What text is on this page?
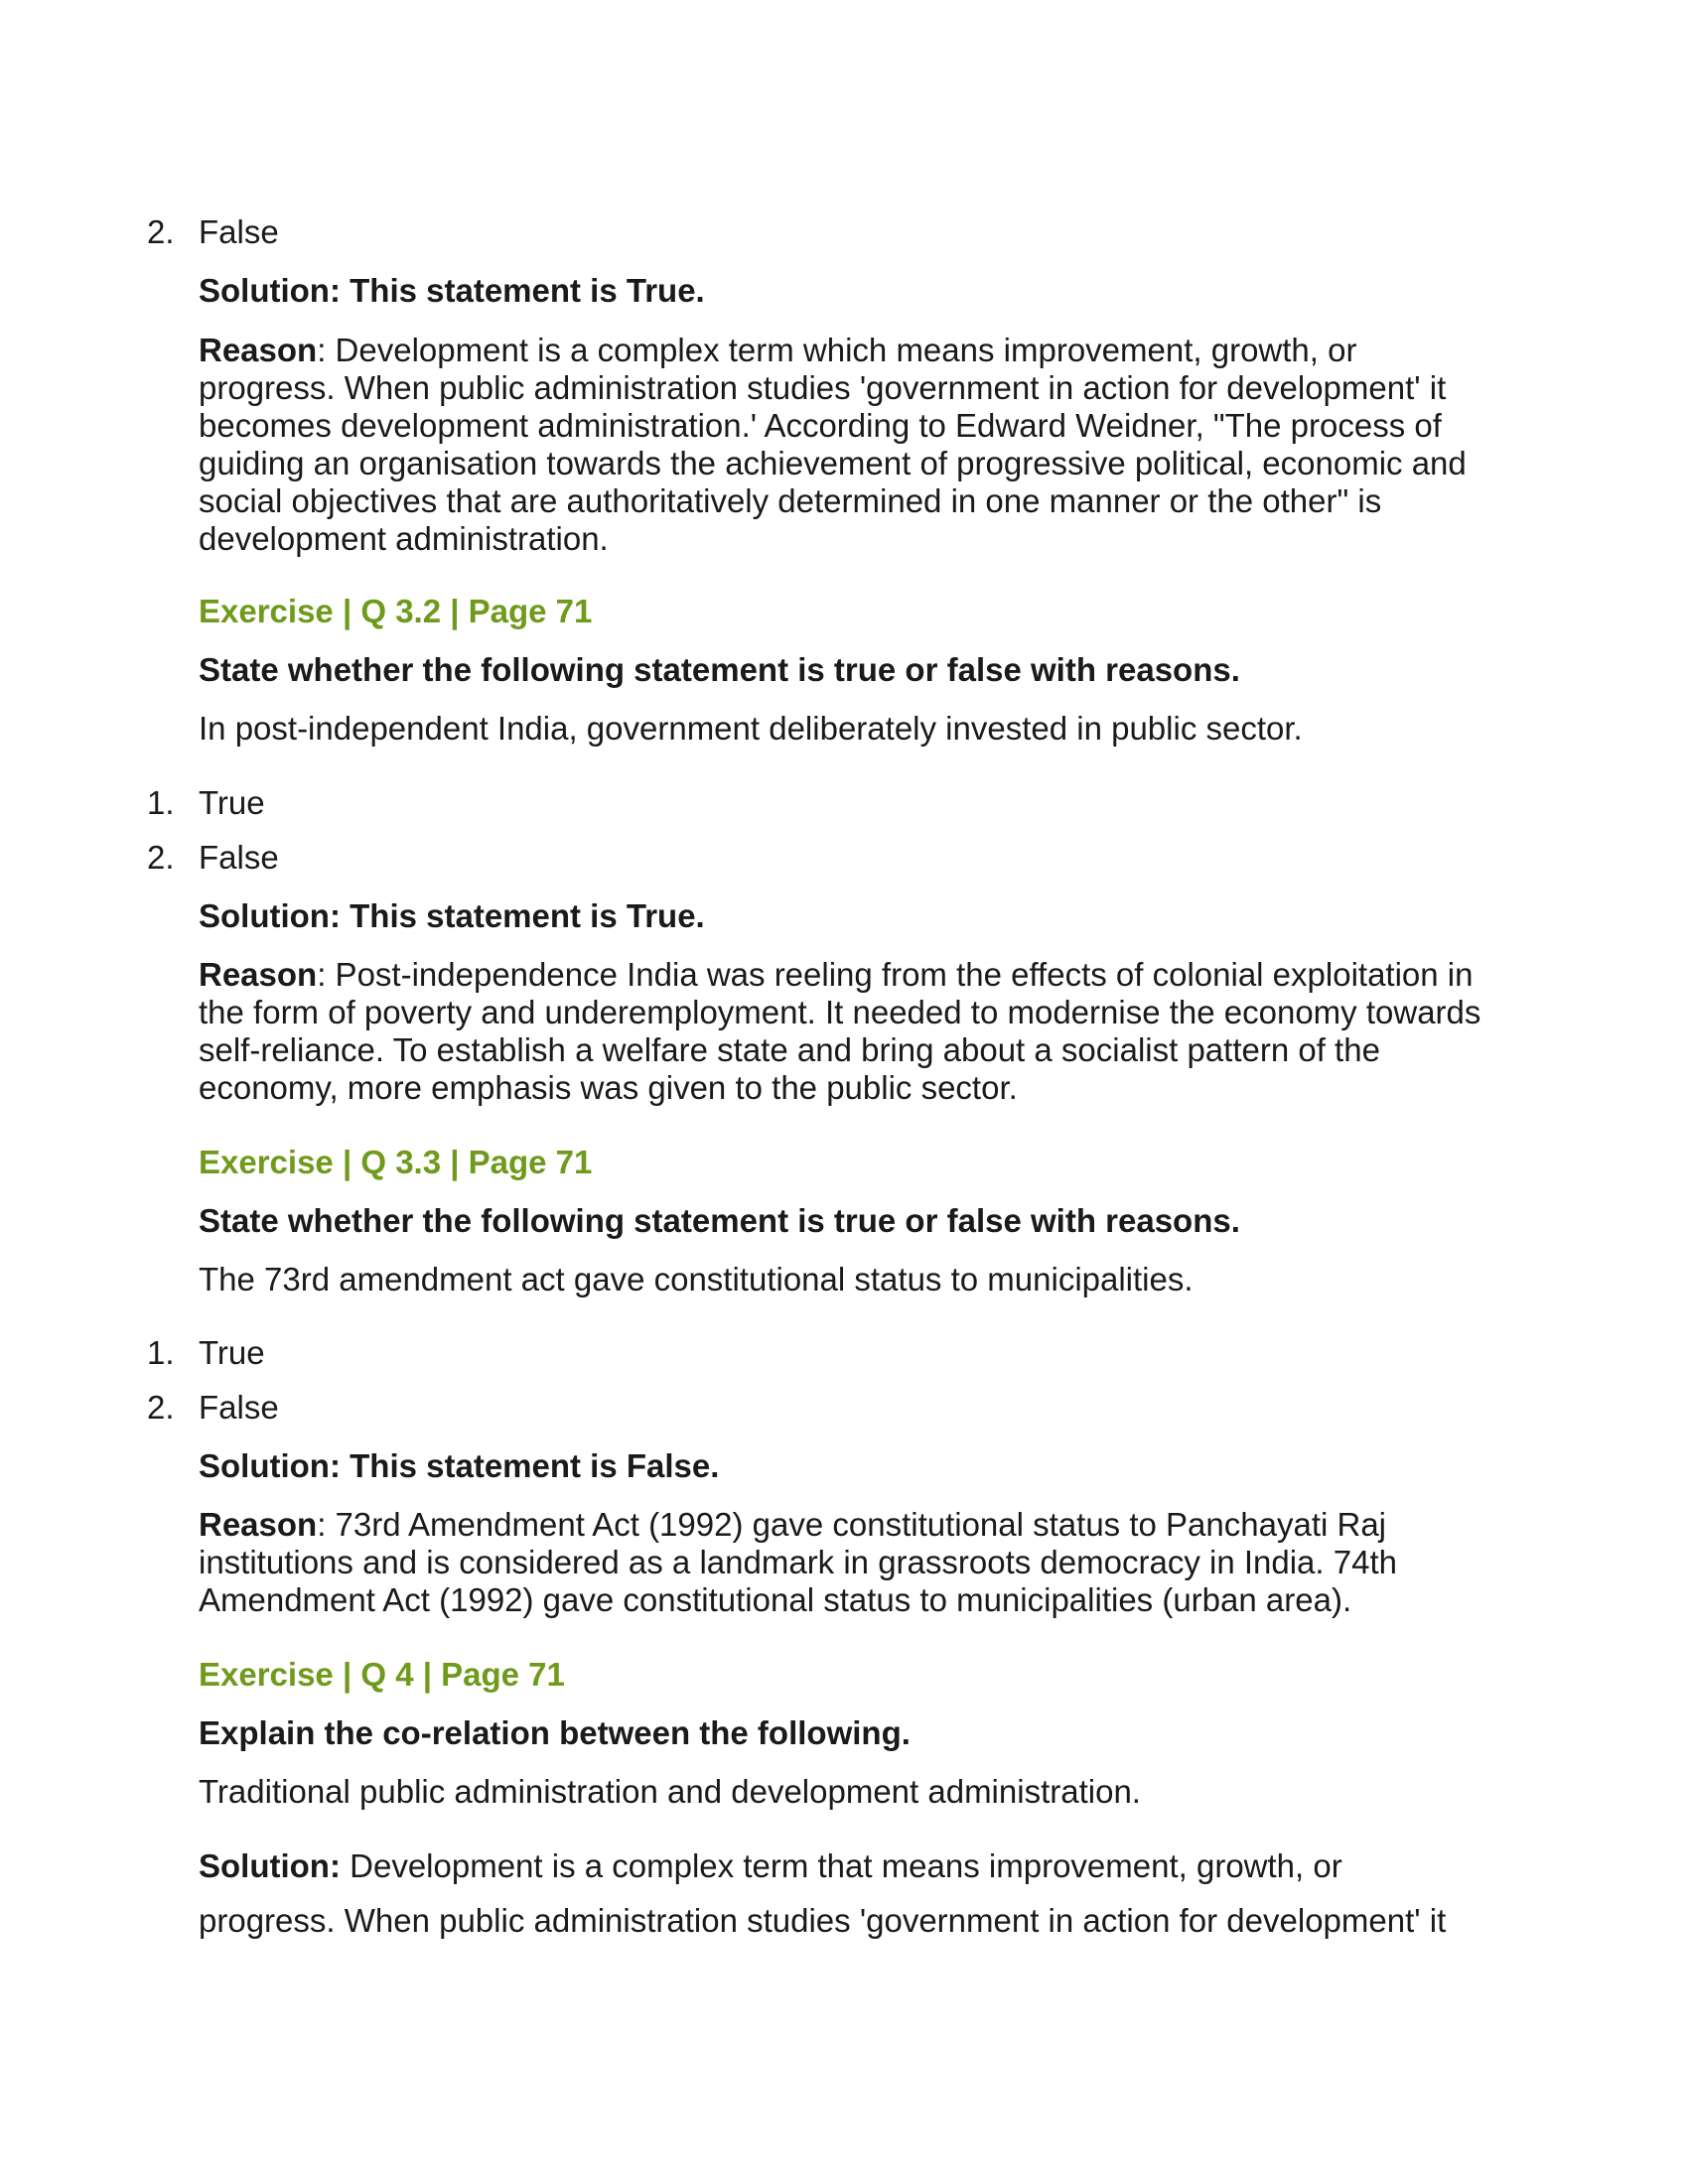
2. False

Solution: This statement is True.

Reason: Development is a complex term which means improvement, growth, or progress. When public administration studies 'government in action for development' it becomes development administration.' According to Edward Weidner, "The process of guiding an organisation towards the achievement of progressive political, economic and social objectives that are authoritatively determined in one manner or the other" is development administration.

Exercise | Q 3.2 | Page 71

State whether the following statement is true or false with reasons.

In post-independent India, government deliberately invested in public sector.

1. True
2. False

Solution: This statement is True.

Reason: Post-independence India was reeling from the effects of colonial exploitation in the form of poverty and underemployment. It needed to modernise the economy towards self-reliance. To establish a welfare state and bring about a socialist pattern of the economy, more emphasis was given to the public sector.

Exercise | Q 3.3 | Page 71

State whether the following statement is true or false with reasons.

The 73rd amendment act gave constitutional status to municipalities.

1. True
2. False

Solution: This statement is False.

Reason: 73rd Amendment Act (1992) gave constitutional status to Panchayati Raj institutions and is considered as a landmark in grassroots democracy in India. 74th Amendment Act (1992) gave constitutional status to municipalities (urban area).

Exercise | Q 4 | Page 71

Explain the co-relation between the following.

Traditional public administration and development administration.

Solution: Development is a complex term that means improvement, growth, or

progress. When public administration studies 'government in action for development' it
